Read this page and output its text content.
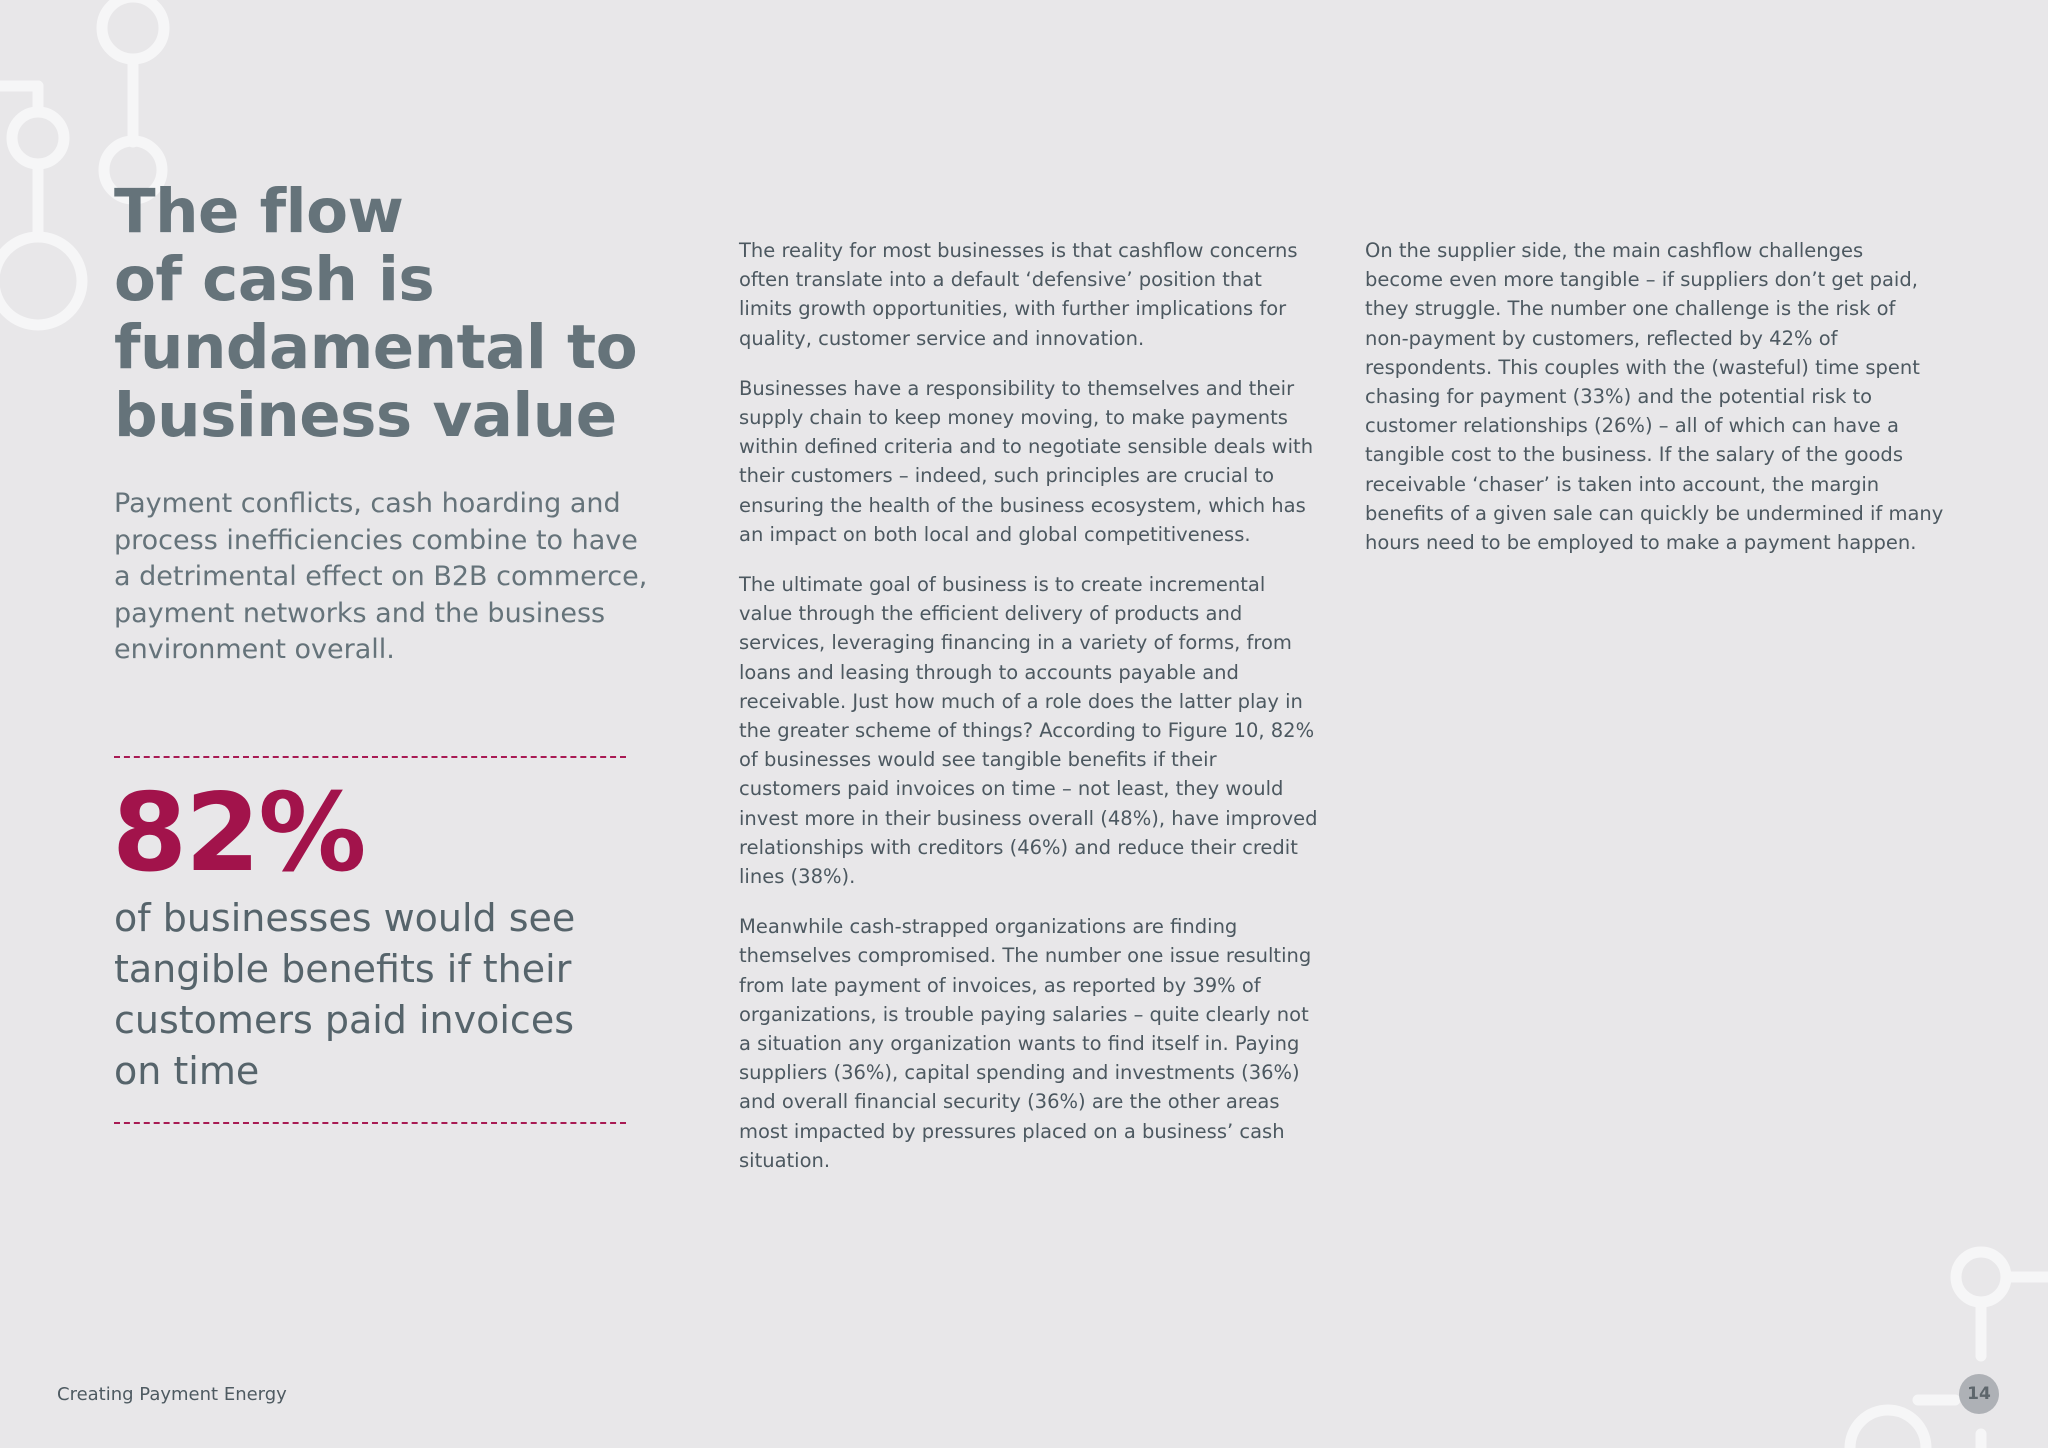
The flow
of cash is
fundamental to
business value

Payment conflicts, cash hoarding and process inefficiencies combine to have a detrimental effect on B2B commerce, payment networks and the business environment overall.

82%

of businesses would see
tangible benefits if their
customers paid invoices
on time

The reality for most businesses is that cashflow concerns often translate into a default ‘defensive’ position that limits growth opportunities, with further implications for quality, customer service and innovation.

Businesses have a responsibility to themselves and their supply chain to keep money moving, to make payments within defined criteria and to negotiate sensible deals with their customers – indeed, such principles are crucial to ensuring the health of the business ecosystem, which has an impact on both local and global competitiveness.

The ultimate goal of business is to create incremental value through the efficient delivery of products and services, leveraging financing in a variety of forms, from loans and leasing through to accounts payable and receivable. Just how much of a role does the latter play in the greater scheme of things? According to Figure 10, 82% of businesses would see tangible benefits if their customers paid invoices on time – not least, they would invest more in their business overall (48%), have improved relationships with creditors (46%) and reduce their credit lines (38%).

Meanwhile cash-strapped organizations are finding themselves compromised. The number one issue resulting from late payment of invoices, as reported by 39% of organizations, is trouble paying salaries – quite clearly not a situation any organization wants to find itself in. Paying suppliers (36%), capital spending and investments (36%) and overall financial security (36%) are the other areas most impacted by pressures placed on a business’ cash situation.

On the supplier side, the main cashflow challenges become even more tangible – if suppliers don’t get paid, they struggle. The number one challenge is the risk of non-payment by customers, reflected by 42% of respondents. This couples with the (wasteful) time spent chasing for payment (33%) and the potential risk to customer relationships (26%) – all of which can have a tangible cost to the business. If the salary of the goods receivable ‘chaser’ is taken into account, the margin benefits of a given sale can quickly be undermined if many hours need to be employed to make a payment happen.

Creating Payment Energy	14
